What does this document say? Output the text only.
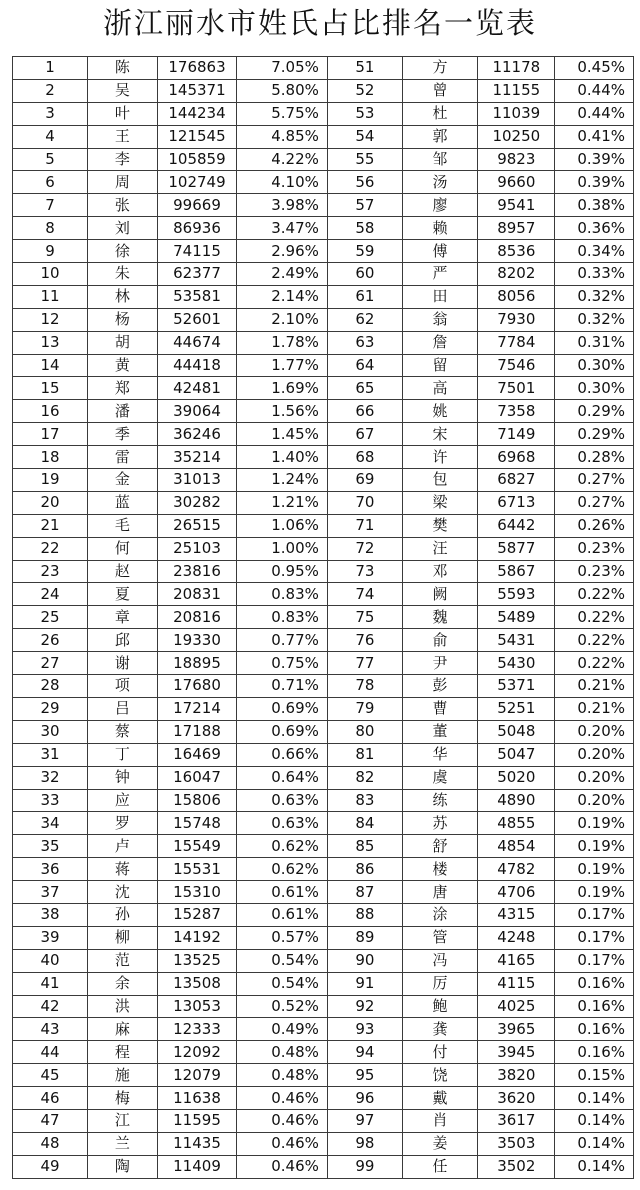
浙江丽水市姓氏占比排名一览表
1	陈	176863	7.05%	51	方	11178	0.45%
2	吴	145371	5.80%	52	曾	11155	0.44%
3	叶	144234	5.75%	53	杜	11039	0.44%
4	王	121545	4.85%	54	郭	10250	0.41%
5	李	105859	4.22%	55	邹	9823	0.39%
6	周	102749	4.10%	56	汤	9660	0.39%
7	张	99669	3.98%	57	廖	9541	0.38%
8	刘	86936	3.47%	58	赖	8957	0.36%
9	徐	74115	2.96%	59	傅	8536	0.34%
10	朱	62377	2.49%	60	严	8202	0.33%
11	林	53581	2.14%	61	田	8056	0.32%
12	杨	52601	2.10%	62	翁	7930	0.32%
13	胡	44674	1.78%	63	詹	7784	0.31%
14	黄	44418	1.77%	64	留	7546	0.30%
15	郑	42481	1.69%	65	高	7501	0.30%
16	潘	39064	1.56%	66	姚	7358	0.29%
17	季	36246	1.45%	67	宋	7149	0.29%
18	雷	35214	1.40%	68	许	6968	0.28%
19	金	31013	1.24%	69	包	6827	0.27%
20	蓝	30282	1.21%	70	梁	6713	0.27%
21	毛	26515	1.06%	71	樊	6442	0.26%
22	何	25103	1.00%	72	汪	5877	0.23%
23	赵	23816	0.95%	73	邓	5867	0.23%
24	夏	20831	0.83%	74	阙	5593	0.22%
25	章	20816	0.83%	75	魏	5489	0.22%
26	邱	19330	0.77%	76	俞	5431	0.22%
27	谢	18895	0.75%	77	尹	5430	0.22%
28	项	17680	0.71%	78	彭	5371	0.21%
29	吕	17214	0.69%	79	曹	5251	0.21%
30	蔡	17188	0.69%	80	董	5048	0.20%
31	丁	16469	0.66%	81	华	5047	0.20%
32	钟	16047	0.64%	82	虞	5020	0.20%
33	应	15806	0.63%	83	练	4890	0.20%
34	罗	15748	0.63%	84	苏	4855	0.19%
35	卢	15549	0.62%	85	舒	4854	0.19%
36	蒋	15531	0.62%	86	楼	4782	0.19%
37	沈	15310	0.61%	87	唐	4706	0.19%
38	孙	15287	0.61%	88	涂	4315	0.17%
39	柳	14192	0.57%	89	管	4248	0.17%
40	范	13525	0.54%	90	冯	4165	0.17%
41	余	13508	0.54%	91	厉	4115	0.16%
42	洪	13053	0.52%	92	鲍	4025	0.16%
43	麻	12333	0.49%	93	龚	3965	0.16%
44	程	12092	0.48%	94	付	3945	0.16%
45	施	12079	0.48%	95	饶	3820	0.15%
46	梅	11638	0.46%	96	戴	3620	0.14%
47	江	11595	0.46%	97	肖	3617	0.14%
48	兰	11435	0.46%	98	姜	3503	0.14%
49	陶	11409	0.46%	99	任	3502	0.14%
